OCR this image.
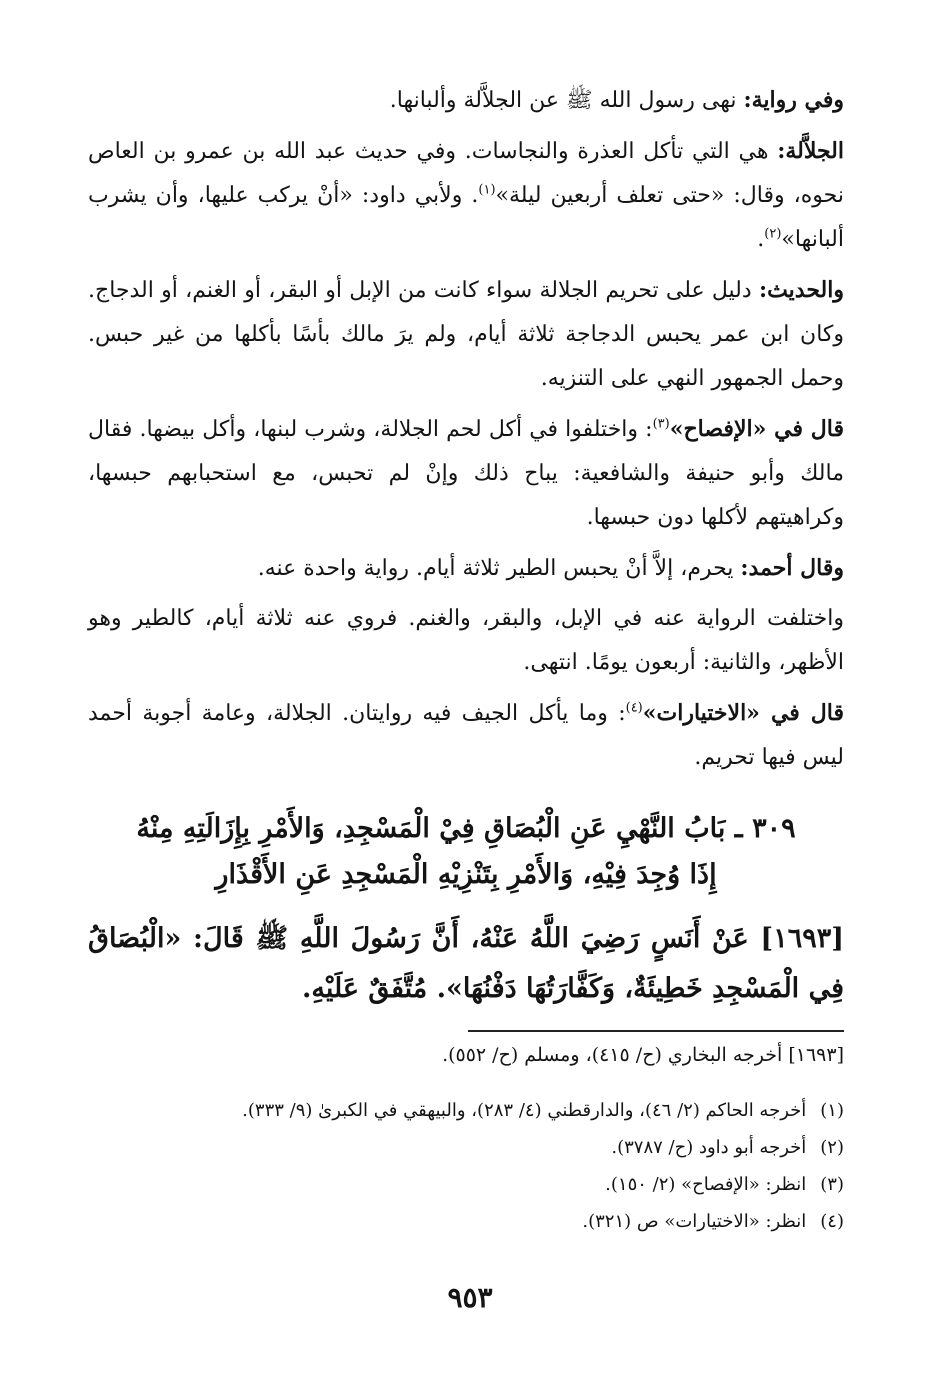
وفي رواية: نهى رسول الله ﷺ عن الجلاَّلة وألبانها.

الجلاَّلة: هي التي تأكل العذرة والنجاسات. وفي حديث عبد الله بن عمرو بن العاص نحوه، وقال: «حتى تعلف أربعين ليلة»$^{(١)}$. ولأبي داود: «أنْ يركب عليها، وأن يشرب ألبانها»$^{(٢)}$.

والحديث: دليل على تحريم الجلالة سواء كانت من الإبل أو البقر، أو الغنم، أو الدجاج. وكان ابن عمر يحبس الدجاجة ثلاثة أيام، ولم يرَ مالك بأسًا بأكلها من غير حبس. وحمل الجمهور النهي على التنزيه.

قال في «الإفصاح»$^{(٣)}$: واختلفوا في أكل لحم الجلالة، وشرب لبنها، وأكل بيضها. فقال مالك وأبو حنيفة والشافعية: يباح ذلك وإنْ لم تحبس، مع استحبابهم حبسها، وكراهيتهم لأكلها دون حبسها.

وقال أحمد: يحرم، إلاَّ أنْ يحبس الطير ثلاثة أيام. رواية واحدة عنه.

واختلفت الرواية عنه في الإبل، والبقر، والغنم. فروي عنه ثلاثة أيام، كالطير وهو الأظهر، والثانية: أربعون يومًا. انتهى.

قال في «الاختيارات»$^{(٤)}$: وما يأكل الجيف فيه روايتان. الجلالة، وعامة أجوبة أحمد ليس فيها تحريم.

٣٠٩ ـ بَابُ النَّهْيِ عَنِ الْبُصَاقِ فِيْ الْمَسْجِدِ، وَالأَمْرِ بِإِزَالَتِهِ مِنْهُ
إِذَا وُجِدَ فِيْهِ، وَالأَمْرِ بِتَنْزِيْهِ الْمَسْجِدِ عَنِ الأَقْذَارِ

[١٦٩٣] عَنْ أَنَسٍ رَضِيَ اللَّهُ عَنْهُ، أَنَّ رَسُولَ اللَّهِ ﷺ قَالَ: «الْبُصَاقُ فِي الْمَسْجِدِ خَطِيئَةٌ، وَكَفَّارَتُهَا دَفْنُهَا». مُتَّفَقٌ عَلَيْهِ.

[١٦٩٣] أخرجه البخاري (ح/ ٤١٥)، ومسلم (ح/ ٥٥٢).

(١)أخرجه الحاكم (٢/ ٤٦)، والدارقطني (٤/ ٢٨٣)، والبيهقي في الكبرىٰ (٩/ ٣٣٣).

(٢)أخرجه أبو داود (ح/ ٣٧٨٧).

(٣)انظر: «الإفصاح» (٢/ ١٥٠).

(٤)انظر: «الاختيارات» ص (٣٢١).

٩٥٣
